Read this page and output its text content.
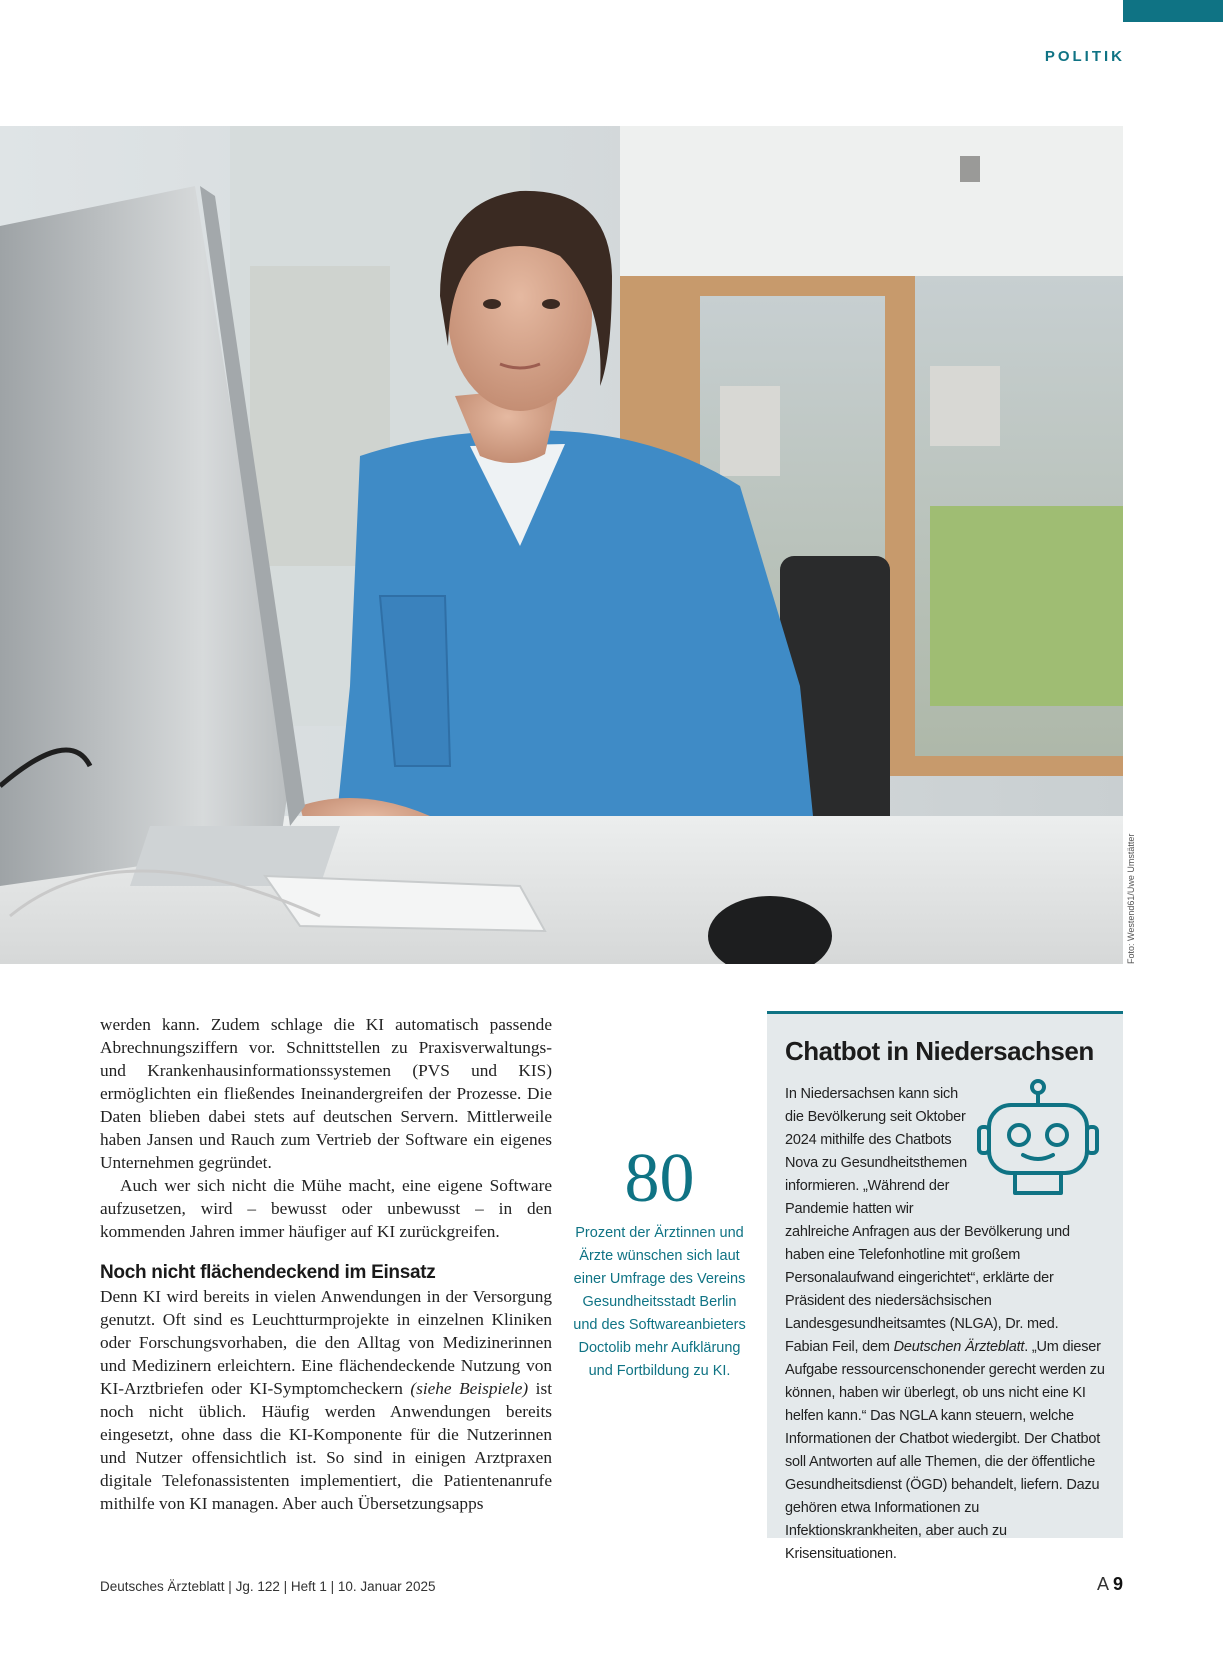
POLITIK
Foto: Westend61/Uwe Umstätter

werden kann. Zudem schlage die KI automatisch passende Abrechnungsziffern vor. Schnittstellen zu Praxisverwaltungs- und Krankenhausinformationssystemen (PVS und KIS) ermöglichten ein fließendes Ineinandergreifen der Prozesse. Die Daten blieben dabei stets auf deutschen Servern. Mittlerweile haben Jansen und Rauch zum Vertrieb der Software ein eigenes Unternehmen gegründet.

Auch wer sich nicht die Mühe macht, eine eigene Software aufzusetzen, wird – bewusst oder unbewusst – in den kommenden Jahren immer häufiger auf KI zurückgreifen.

Noch nicht flächendeckend im Einsatz

Denn KI wird bereits in vielen Anwendungen in der Versorgung genutzt. Oft sind es Leuchtturmprojekte in einzelnen Kliniken oder Forschungsvorhaben, die den Alltag von Medizinerinnen und Medizinern erleichtern. Eine flächendeckende Nutzung von KI-Arztbriefen oder KI-Symptomcheckern (siehe Beispiele) ist noch nicht üblich. Häufig werden Anwendungen bereits eingesetzt, ohne dass die KI-Komponente für die Nutzerinnen und Nutzer offensichtlich ist. So sind in einigen Arztpraxen digitale Telefonassistenten implementiert, die Patientenanrufe mithilfe von KI managen. Aber auch Übersetzungsapps

80
Prozent der Ärztinnen und Ärzte wünschen sich laut einer Umfrage des Vereins Gesundheitsstadt Berlin und des Softwareanbieters Doctolib mehr Aufklärung und Fortbildung zu KI.
Chatbot in Niedersachsen
In Niedersachsen kann sich die Bevölkerung seit Oktober 2024 mithilfe des Chatbots Nova zu Gesundheitsthemen informieren. „Während der Pandemie hatten wir zahlreiche Anfragen aus der Bevölkerung und haben eine Telefonhotline mit großem Personalaufwand eingerichtet“, erklärte der Präsident des niedersächsischen Landesgesundheitsamtes (NLGA), Dr. med. Fabian Feil, dem Deutschen Ärzteblatt. „Um dieser Aufgabe ressourcenschonender gerecht werden zu können, haben wir überlegt, ob uns nicht eine KI helfen kann.“ Das NGLA kann steuern, welche Informationen der Chatbot wiedergibt. Der Chatbot soll Antworten auf alle Themen, die der öffentliche Gesundheitsdienst (ÖGD) behandelt, liefern. Dazu gehören etwa Informationen zu Infektionskrankheiten, aber auch zu Krisensituationen.
Deutsches Ärzteblatt | Jg. 122 | Heft 1 | 10. Januar 2025	A 9
